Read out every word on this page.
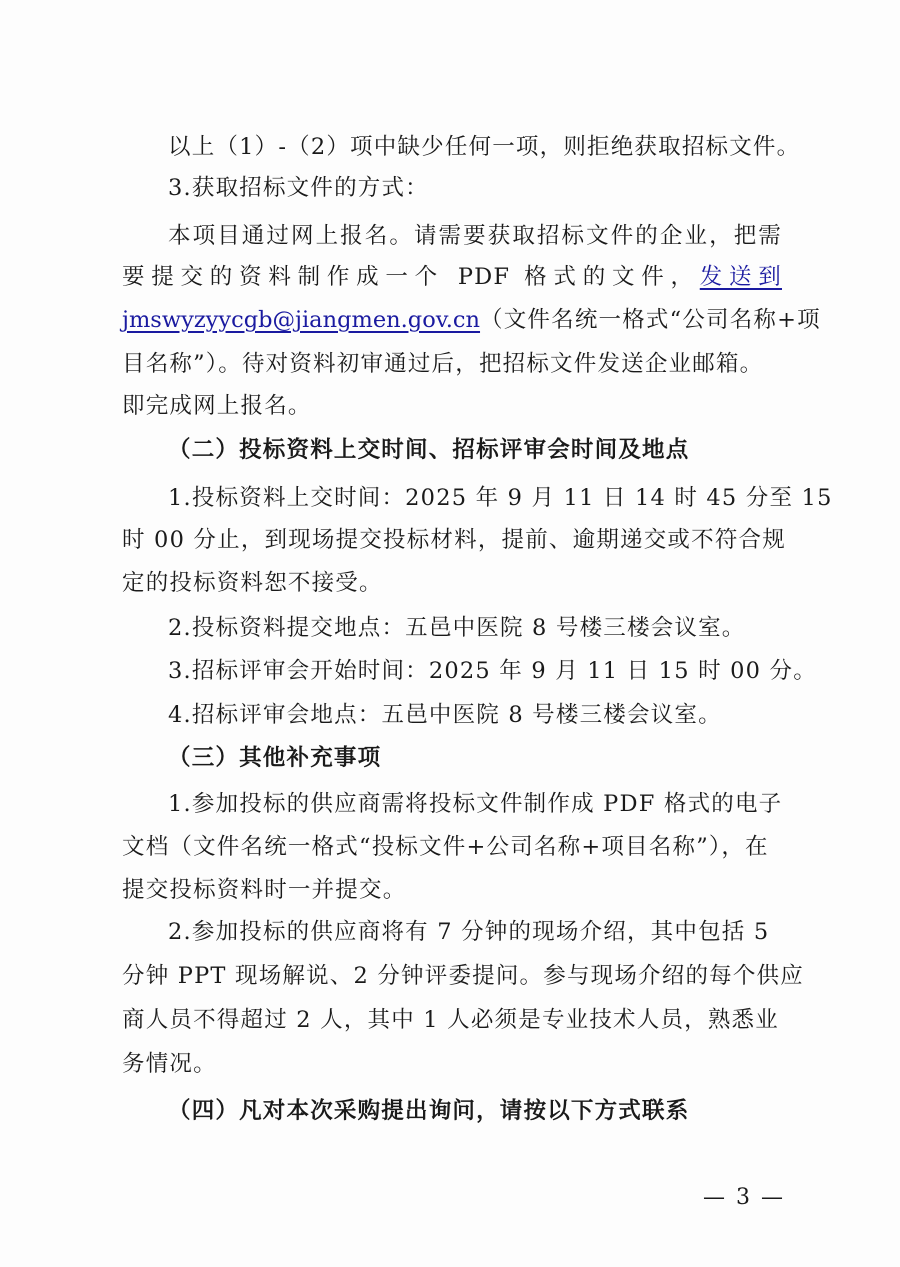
以上（1）-（2）项中缺少任何一项，则拒绝获取招标文件。
3.获取招标文件的方式：
本项目通过网上报名。请需要获取招标文件的企业，把需
要提交的资料制作成一个 PDF 格式的文件，发送到
jmswyzyycgb@jiangmen.gov.cn（文件名统一格式“公司名称+项
目名称”）。待对资料初审通过后，把招标文件发送企业邮箱。
即完成网上报名。
（二）投标资料上交时间、招标评审会时间及地点
1.投标资料上交时间：2025 年 9 月 11 日 14 时 45 分至 15
时 00 分止，到现场提交投标材料，提前、逾期递交或不符合规
定的投标资料恕不接受。
2.投标资料提交地点：五邑中医院 8 号楼三楼会议室。
3.招标评审会开始时间：2025 年 9 月 11 日 15 时 00 分。
4.招标评审会地点：五邑中医院 8 号楼三楼会议室。
（三）其他补充事项
1.参加投标的供应商需将投标文件制作成 PDF 格式的电子
文档（文件名统一格式“投标文件+公司名称+项目名称”），在
提交投标资料时一并提交。
2.参加投标的供应商将有 7 分钟的现场介绍，其中包括 5
分钟 PPT 现场解说、2 分钟评委提问。参与现场介绍的每个供应
商人员不得超过 2 人，其中 1 人必须是专业技术人员，熟悉业
务情况。
（四）凡对本次采购提出询问，请按以下方式联系
— 3 —
